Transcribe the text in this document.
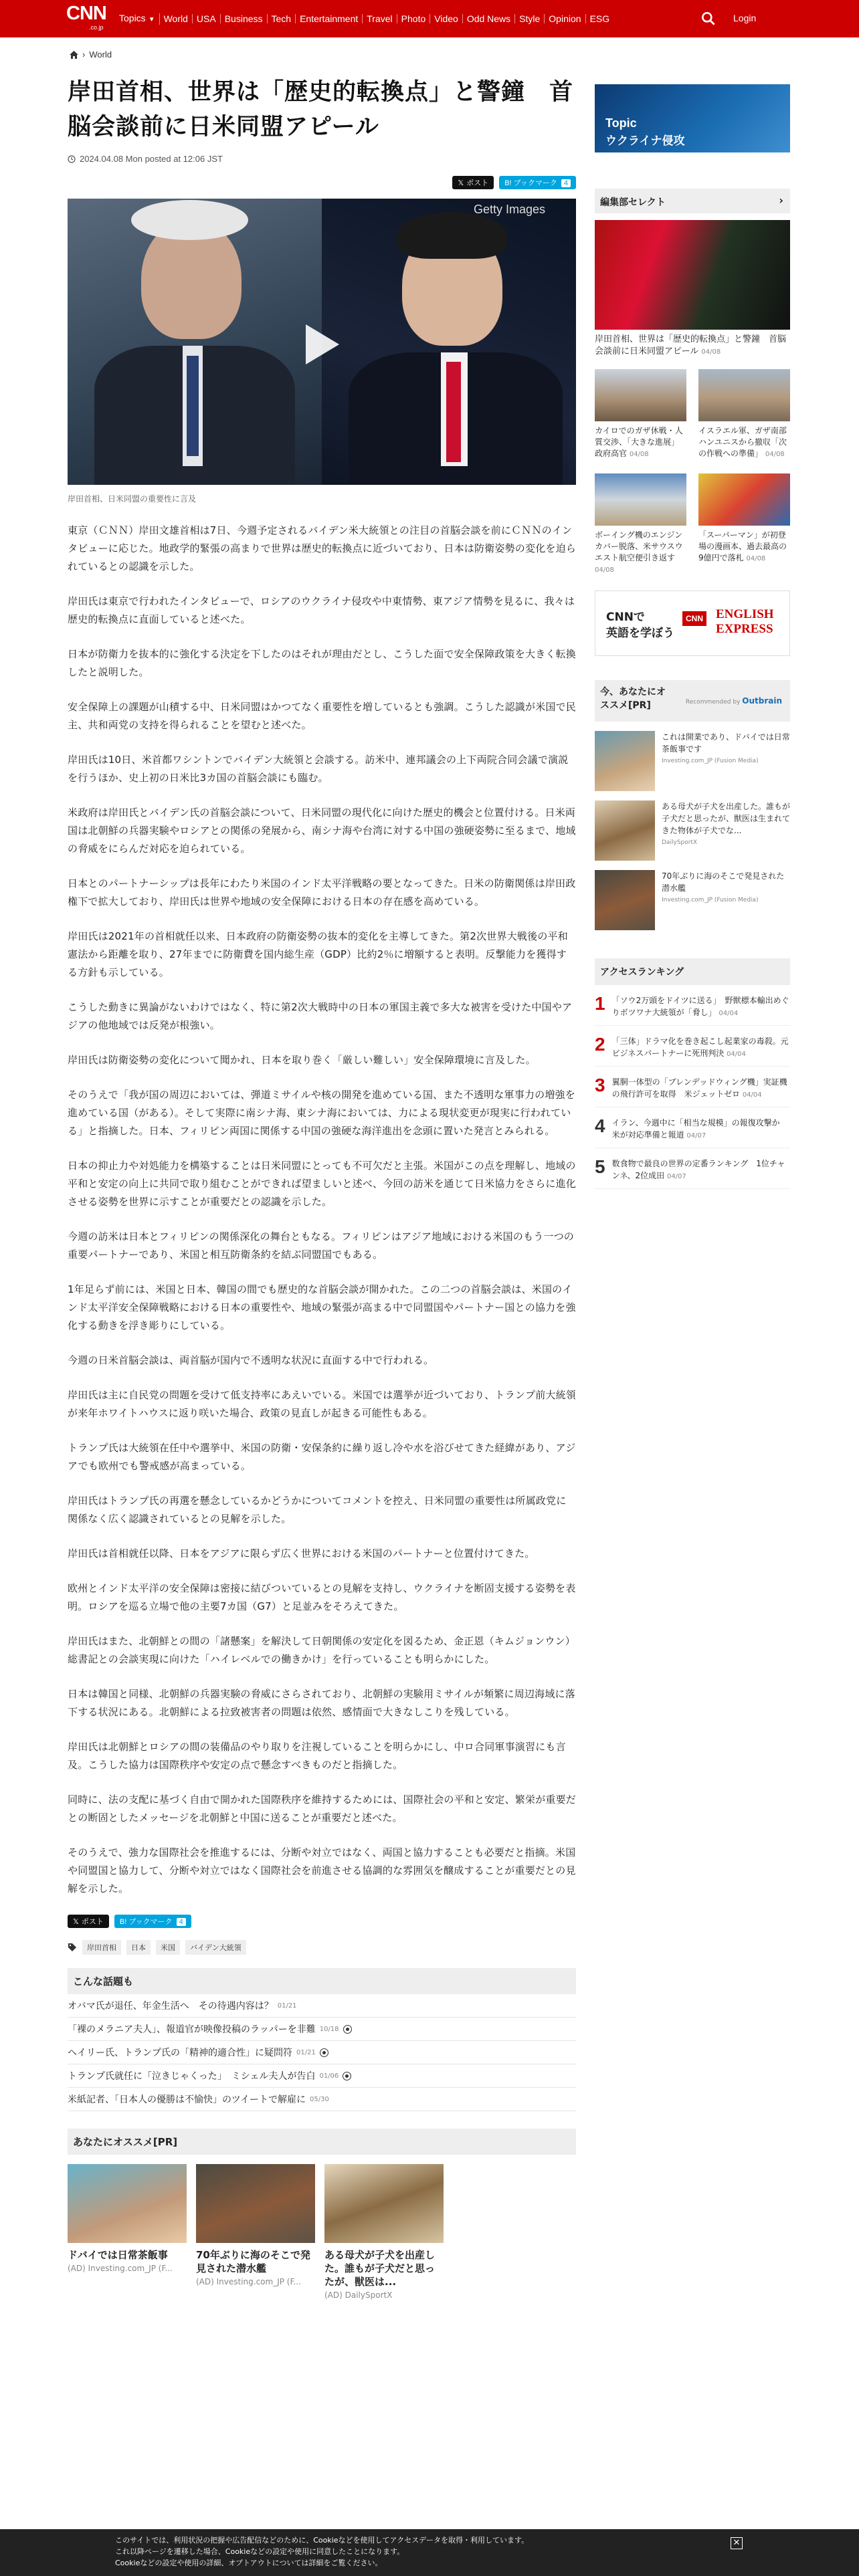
CNN
.co.jp
Topics ▼ World USA Business Tech Entertainment Travel Photo Video Odd News Style Opinion ESG	Login
› World
岸田首相、世界は「歴史的転換点」と警鐘　首脳会談前に日米同盟アピール
2024.04.08 Mon posted at 12:06 JST
𝕏 ポスト	B! ブックマーク 4
Getty Images

岸田首相、日米同盟の重要性に言及

東京（ＣＮＮ）岸田文雄首相は7日、今週予定されるバイデン米大統領との注目の首脳会談を前にＣＮＮのインタビューに応じた。地政学的緊張の高まりで世界は歴史的転換点に近づいており、日本は防衛姿勢の変化を迫られているとの認識を示した。

岸田氏は東京で行われたインタビューで、ロシアのウクライナ侵攻や中東情勢、東アジア情勢を見るに、我々は歴史的転換点に直面していると述べた。

日本が防衛力を抜本的に強化する決定を下したのはそれが理由だとし、こうした面で安全保障政策を大きく転換したと説明した。

安全保障上の課題が山積する中、日米同盟はかつてなく重要性を増しているとも強調。こうした認識が米国で民主、共和両党の支持を得られることを望むと述べた。

岸田氏は10日、米首都ワシントンでバイデン大統領と会談する。訪米中、連邦議会の上下両院合同会議で演説を行うほか、史上初の日米比3カ国の首脳会談にも臨む。

米政府は岸田氏とバイデン氏の首脳会談について、日米同盟の現代化に向けた歴史的機会と位置付ける。日米両国は北朝鮮の兵器実験やロシアとの関係の発展から、南シナ海や台湾に対する中国の強硬姿勢に至るまで、地域の脅威をにらんだ対応を迫られている。

日本とのパートナーシップは長年にわたり米国のインド太平洋戦略の要となってきた。日米の防衛関係は岸田政権下で拡大しており、岸田氏は世界や地域の安全保障における日本の存在感を高めている。

岸田氏は2021年の首相就任以来、日本政府の防衛姿勢の抜本的変化を主導してきた。第2次世界大戦後の平和憲法から距離を取り、27年までに防衛費を国内総生産（GDP）比約2％に増額すると表明。反撃能力を獲得する方針も示している。

こうした動きに異論がないわけではなく、特に第2次大戦時中の日本の軍国主義で多大な被害を受けた中国やアジアの他地域では反発が根強い。

岸田氏は防衛姿勢の変化について聞かれ、日本を取り巻く「厳しい難しい」安全保障環境に言及した。

そのうえで「我が国の周辺においては、弾道ミサイルや核の開発を進めている国、また不透明な軍事力の増強を進めている国（がある）。そして実際に南シナ海、東シナ海においては、力による現状変更が現実に行われている」と指摘した。日本、フィリピン両国に関係する中国の強硬な海洋進出を念頭に置いた発言とみられる。

日本の抑止力や対処能力を構築することは日米同盟にとっても不可欠だと主張。米国がこの点を理解し、地域の平和と安定の向上に共同で取り組むことができれば望ましいと述べ、今回の訪米を通じて日米協力をさらに進化させる姿勢を世界に示すことが重要だとの認識を示した。

今週の訪米は日本とフィリピンの関係深化の舞台ともなる。フィリピンはアジア地域における米国のもう一つの重要パートナーであり、米国と相互防衛条約を結ぶ同盟国でもある。

1年足らず前には、米国と日本、韓国の間でも歴史的な首脳会談が開かれた。この二つの首脳会談は、米国のインド太平洋安全保障戦略における日本の重要性や、地域の緊張が高まる中で同盟国やパートナー国との協力を強化する動きを浮き彫りにしている。

今週の日米首脳会談は、両首脳が国内で不透明な状況に直面する中で行われる。

岸田氏は主に自民党の問題を受けて低支持率にあえいでいる。米国では選挙が近づいており、トランプ前大統領が来年ホワイトハウスに返り咲いた場合、政策の見直しが起きる可能性もある。

トランプ氏は大統領在任中や選挙中、米国の防衛・安保条約に繰り返し冷や水を浴びせてきた経緯があり、アジアでも欧州でも警戒感が高まっている。

岸田氏はトランプ氏の再選を懸念しているかどうかについてコメントを控え、日米同盟の重要性は所属政党に関係なく広く認識されているとの見解を示した。

岸田氏は首相就任以降、日本をアジアに限らず広く世界における米国のパートナーと位置付けてきた。

欧州とインド太平洋の安全保障は密接に結びついているとの見解を支持し、ウクライナを断固支援する姿勢を表明。ロシアを巡る立場で他の主要7カ国（G7）と足並みをそろえてきた。

岸田氏はまた、北朝鮮との間の「諸懸案」を解決して日朝関係の安定化を図るため、金正恩（キムジョンウン）総書記との会談実現に向けた「ハイレベルでの働きかけ」を行っていることも明らかにした。

日本は韓国と同様、北朝鮮の兵器実験の脅威にさらされており、北朝鮮の実験用ミサイルが頻繁に周辺海域に落下する状況にある。北朝鮮による拉致被害者の問題は依然、感情面で大きなしこりを残している。

岸田氏は北朝鮮とロシアの間の装備品のやり取りを注視していることを明らかにし、中ロ合同軍事演習にも言及。こうした協力は国際秩序や安定の点で懸念すべきものだと指摘した。

同時に、法の支配に基づく自由で開かれた国際秩序を維持するためには、国際社会の平和と安定、繁栄が重要だとの断固としたメッセージを北朝鮮と中国に送ることが重要だと述べた。

そのうえで、強力な国際社会を推進するには、分断や対立ではなく、両国と協力することも必要だと指摘。米国や同盟国と協力して、分断や対立ではなく国際社会を前進させる協調的な雰囲気を醸成することが重要だとの見解を示した。

𝕏 ポスト	B! ブックマーク 4
岸田首相	日本	米国	バイデン大統領
こんな話題も
オバマ氏が退任、年金生活へ　その待遇内容は？ 01/21
「裸のメラニア夫人」、報道官が映像投稿のラッパーを非難 10/18
ヘイリー氏、トランプ氏の「精神的適合性」に疑問符 01/21
トランプ氏就任に「泣きじゃくった」　ミシェル夫人が告白 01/06
米紙記者、「日本人の優勝は不愉快」のツイートで解雇に 05/30
あなたにオススメ[PR]
ドバイでは日常茶飯事
(AD) Investing.com_JP (F...
70年ぶりに海のそこで発見された潜水艦
(AD) Investing.com_JP (F...
ある母犬が子犬を出産した。誰もが子犬だと思ったが、獣医は...
(AD) DailySportX
Topic
ウクライナ侵攻
編集部セレクト	›
岸田首相、世界は「歴史的転換点」と警鐘　首脳会談前に日米同盟アピール 04/08
カイロでのガザ休戦・人質交渉、「大きな進展」政府高官 04/08
イスラエル軍、ガザ南部ハンユニスから撤収「次の作戦への準備」 04/08
ボーイング機のエンジンカバー脱落、米サウスウエスト航空便引き返す 04/08
「スーパーマン」が初登場の漫画本、過去最高の9億円で落札 04/08
CNNで
英語を学ぼう
CNN ENGLISH
EXPRESS
今、あなたにオススメ[PR]	Recommended by Outbrain
これは開業であり、ドバイでは日常茶飯事です
Investing.com_JP (Fusion Media)
ある母犬が子犬を出産した。誰もが子犬だと思ったが、獣医は生まれてきた物体が子犬でな...
DailySportX
70年ぶりに海のそこで発見された潜水艦
Investing.com_JP (Fusion Media)
アクセスランキング
1 「ソウ2万頭をドイツに送る」　野獣標本輸出めぐりボツワナ大統領が「脅し」 04/04
2 「三体」ドラマ化を巻き起こし起業家の毒殺。元ビジネスパートナーに死刑判決 04/04
3 翼胴一体型の「ブレンデッドウィング機」実証機の飛行許可を取得　米ジェットゼロ 04/04
4 イラン、今週中に「相当な規模」の報復攻撃か　米が対応準備と報道 04/07
5 数食物で最良の世界の定番ランキング　1位チャンネ、2位成田 04/07
このサイトでは、利用状況の把握や広告配信などのために、Cookieなどを使用してアクセスデータを取得・利用しています。
これ以降ページを遷移した場合、Cookieなどの設定や使用に同意したことになります。
Cookieなどの設定や使用の詳細、オプトアウトについては詳細をご覧ください。
✕
